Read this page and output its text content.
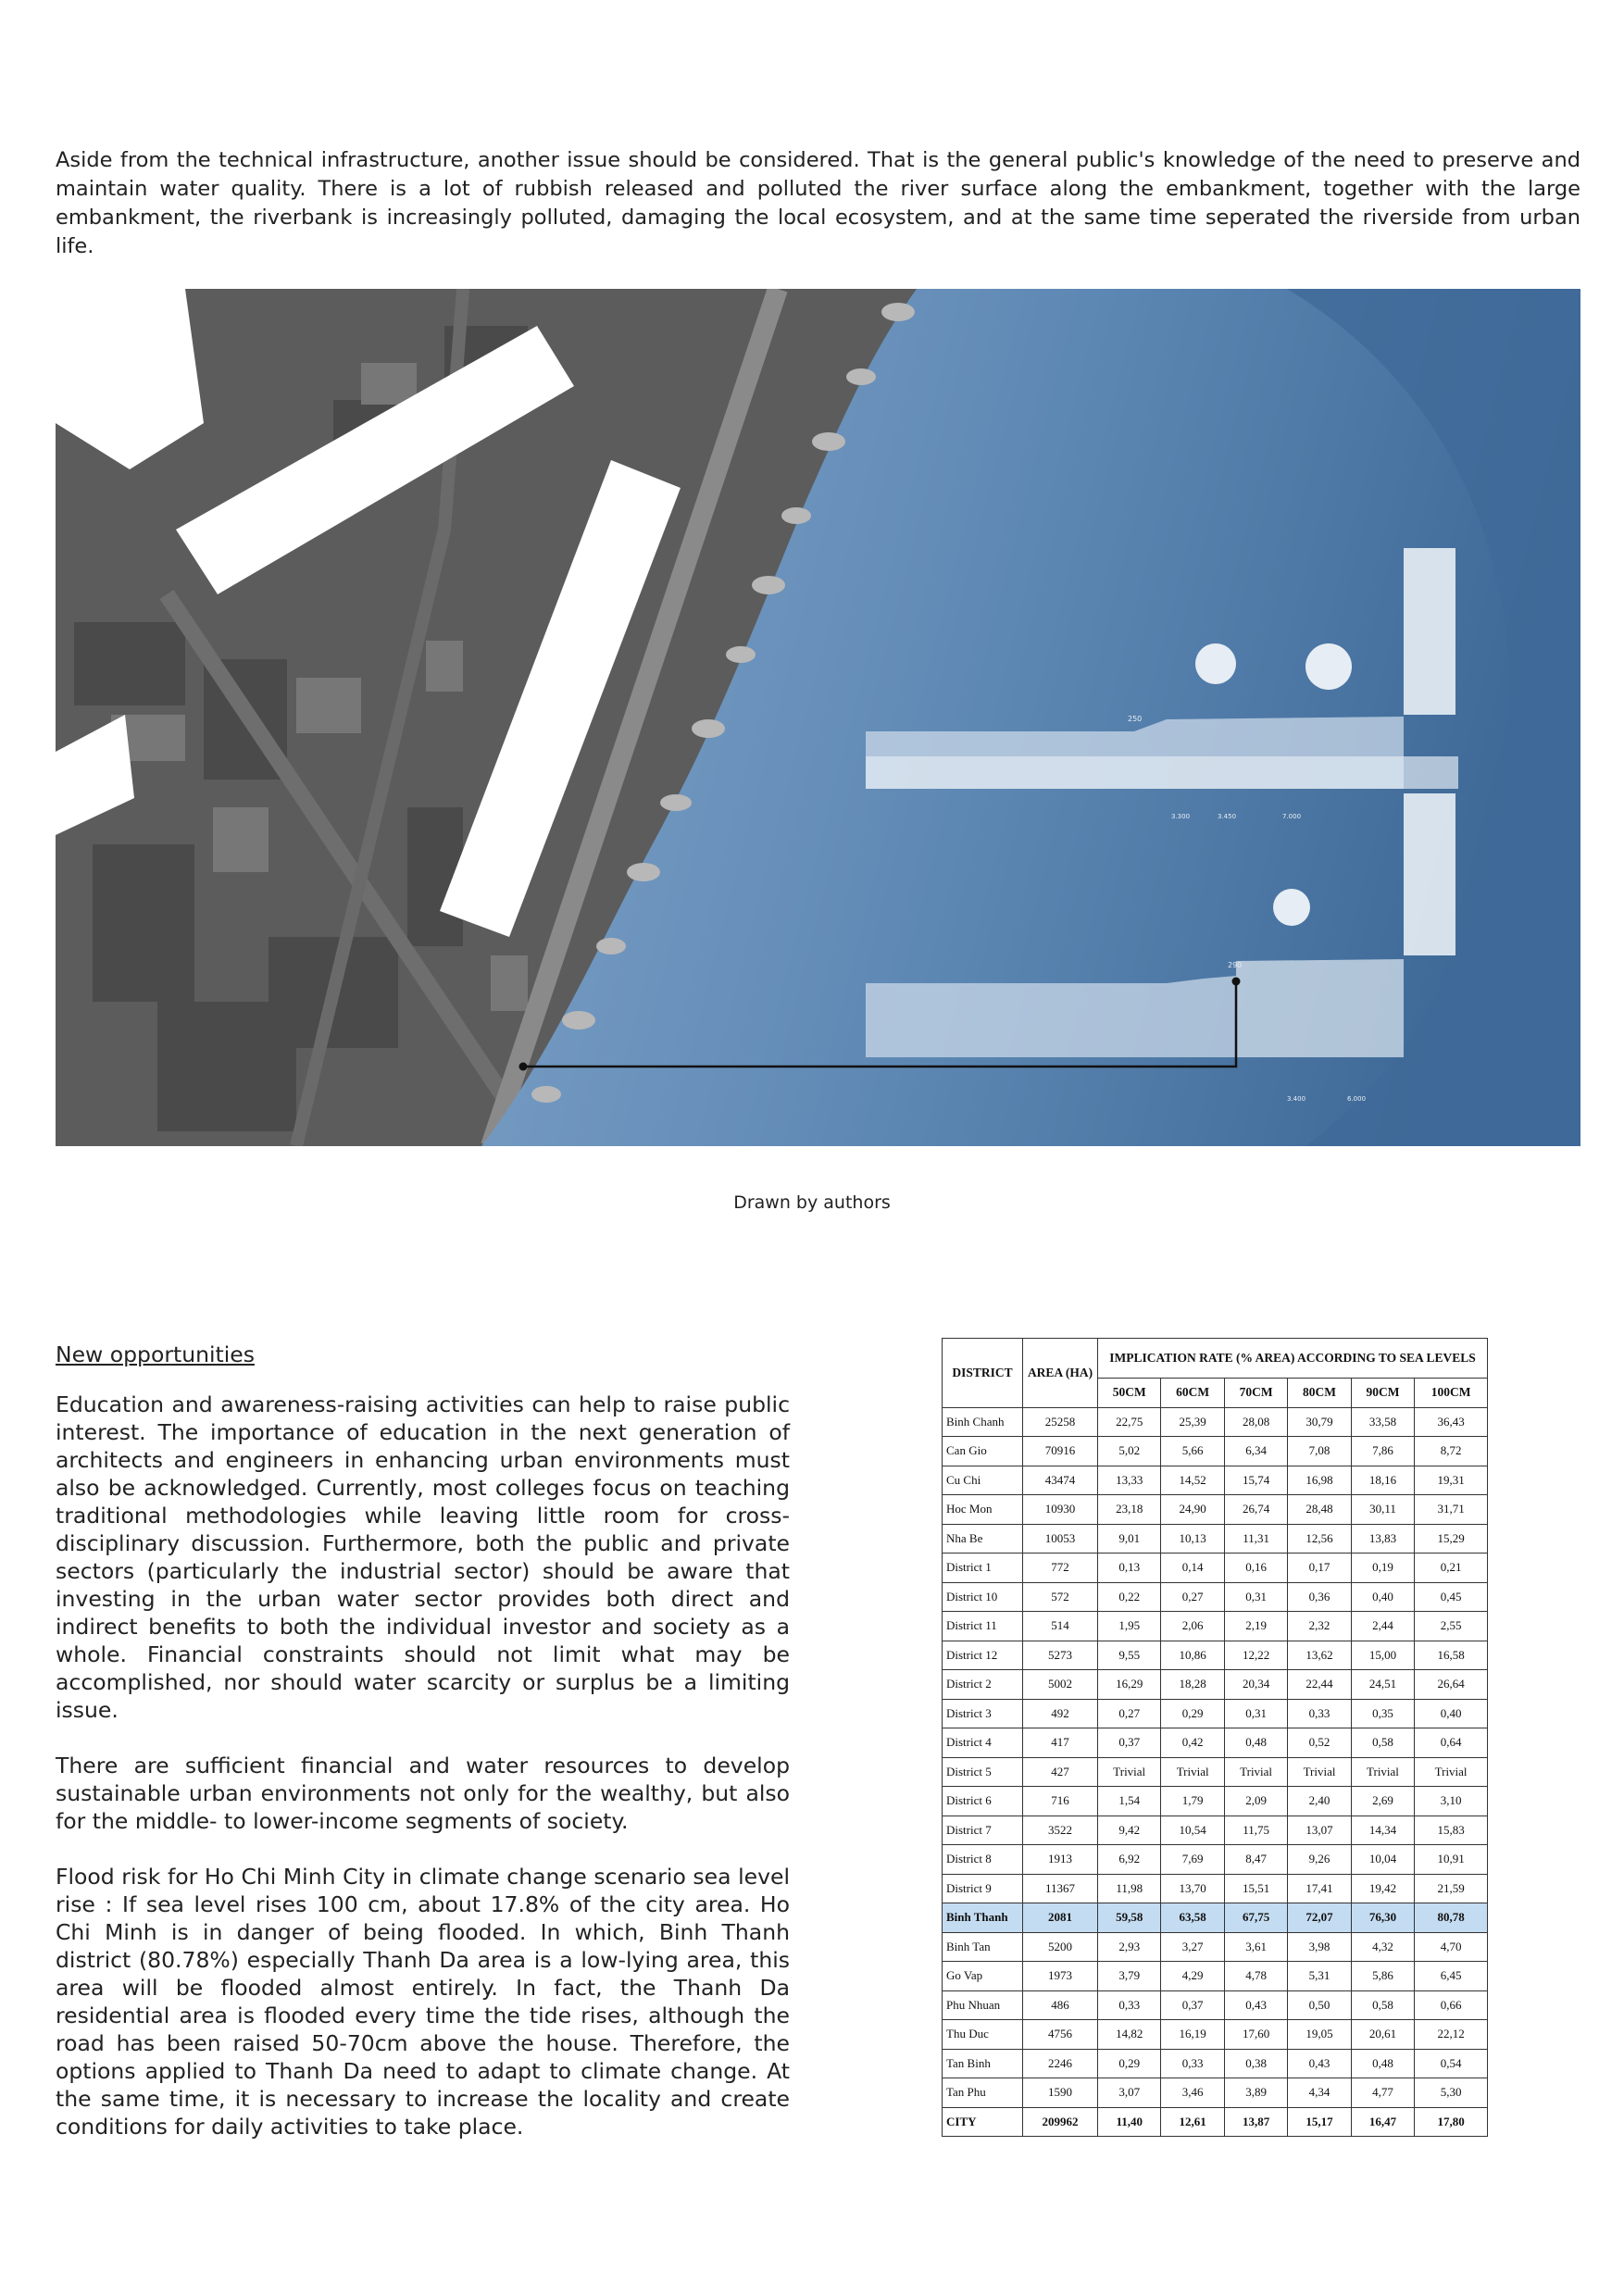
Aside from the technical infrastructure, another issue should be considered. That is the general public's knowledge of the need to preserve and maintain water quality. There is a lot of rubbish released and polluted the river surface along the embankment, together with the large embankment, the riverbank is increasingly polluted, damaging the local ecosystem, and at the same time seperated the riverside from urban life.

250
3.300	3.450	7.000
290
3.400	6.000
Drawn by authors
New opportunities

Education and awareness-raising activities can help to raise public interest. The importance of education in the next generation of architects and engineers in enhancing urban environments must also be acknowledged. Currently, most colleges focus on teaching traditional methodologies while leaving little room for cross-disciplinary discussion. Furthermore, both the public and private sectors (particularly the industrial sector) should be aware that investing in the urban water sector provides both direct and indirect benefits to both the individual investor and society as a whole. Financial constraints should not limit what may be accomplished, nor should water scarcity or surplus be a limiting issue.

There are sufficient financial and water resources to develop sustainable urban environments not only for the wealthy, but also for the middle- to lower-income segments of society.

Flood risk for Ho Chi Minh City in climate change scenario sea level rise : If sea level rises 100 cm, about 17.8% of the city area. Ho Chi Minh is in danger of being flooded. In which, Binh Thanh district (80.78%) especially Thanh Da area is a low-lying area, this area will be flooded almost entirely. In fact, the Thanh Da residential area is flooded every time the tide rises, although the road has been raised 50-70cm above the house. Therefore, the options applied to Thanh Da need to adapt to climate change. At the same time, it is necessary to increase the locality and create conditions for daily activities to take place.

DISTRICT	AREA (HA)	IMPLICATION RATE (% AREA) ACCORDING TO SEA LEVELS					
		50CM	60CM	70CM	80CM	90CM	100CM
Binh Chanh	25258	22,75	25,39	28,08	30,79	33,58	36,43
Can Gio	70916	5,02	5,66	6,34	7,08	7,86	8,72
Cu Chi	43474	13,33	14,52	15,74	16,98	18,16	19,31
Hoc Mon	10930	23,18	24,90	26,74	28,48	30,11	31,71
Nha Be	10053	9,01	10,13	11,31	12,56	13,83	15,29
District 1	772	0,13	0,14	0,16	0,17	0,19	0,21
District 10	572	0,22	0,27	0,31	0,36	0,40	0,45
District 11	514	1,95	2,06	2,19	2,32	2,44	2,55
District 12	5273	9,55	10,86	12,22	13,62	15,00	16,58
District 2	5002	16,29	18,28	20,34	22,44	24,51	26,64
District 3	492	0,27	0,29	0,31	0,33	0,35	0,40
District 4	417	0,37	0,42	0,48	0,52	0,58	0,64
District 5	427	Trivial	Trivial	Trivial	Trivial	Trivial	Trivial
District 6	716	1,54	1,79	2,09	2,40	2,69	3,10
District 7	3522	9,42	10,54	11,75	13,07	14,34	15,83
District 8	1913	6,92	7,69	8,47	9,26	10,04	10,91
District 9	11367	11,98	13,70	15,51	17,41	19,42	21,59
Binh Thanh	2081	59,58	63,58	67,75	72,07	76,30	80,78
Binh Tan	5200	2,93	3,27	3,61	3,98	4,32	4,70
Go Vap	1973	3,79	4,29	4,78	5,31	5,86	6,45
Phu Nhuan	486	0,33	0,37	0,43	0,50	0,58	0,66
Thu Duc	4756	14,82	16,19	17,60	19,05	20,61	22,12
Tan Binh	2246	0,29	0,33	0,38	0,43	0,48	0,54
Tan Phu	1590	3,07	3,46	3,89	4,34	4,77	5,30
CITY	209962	11,40	12,61	13,87	15,17	16,47	17,80
